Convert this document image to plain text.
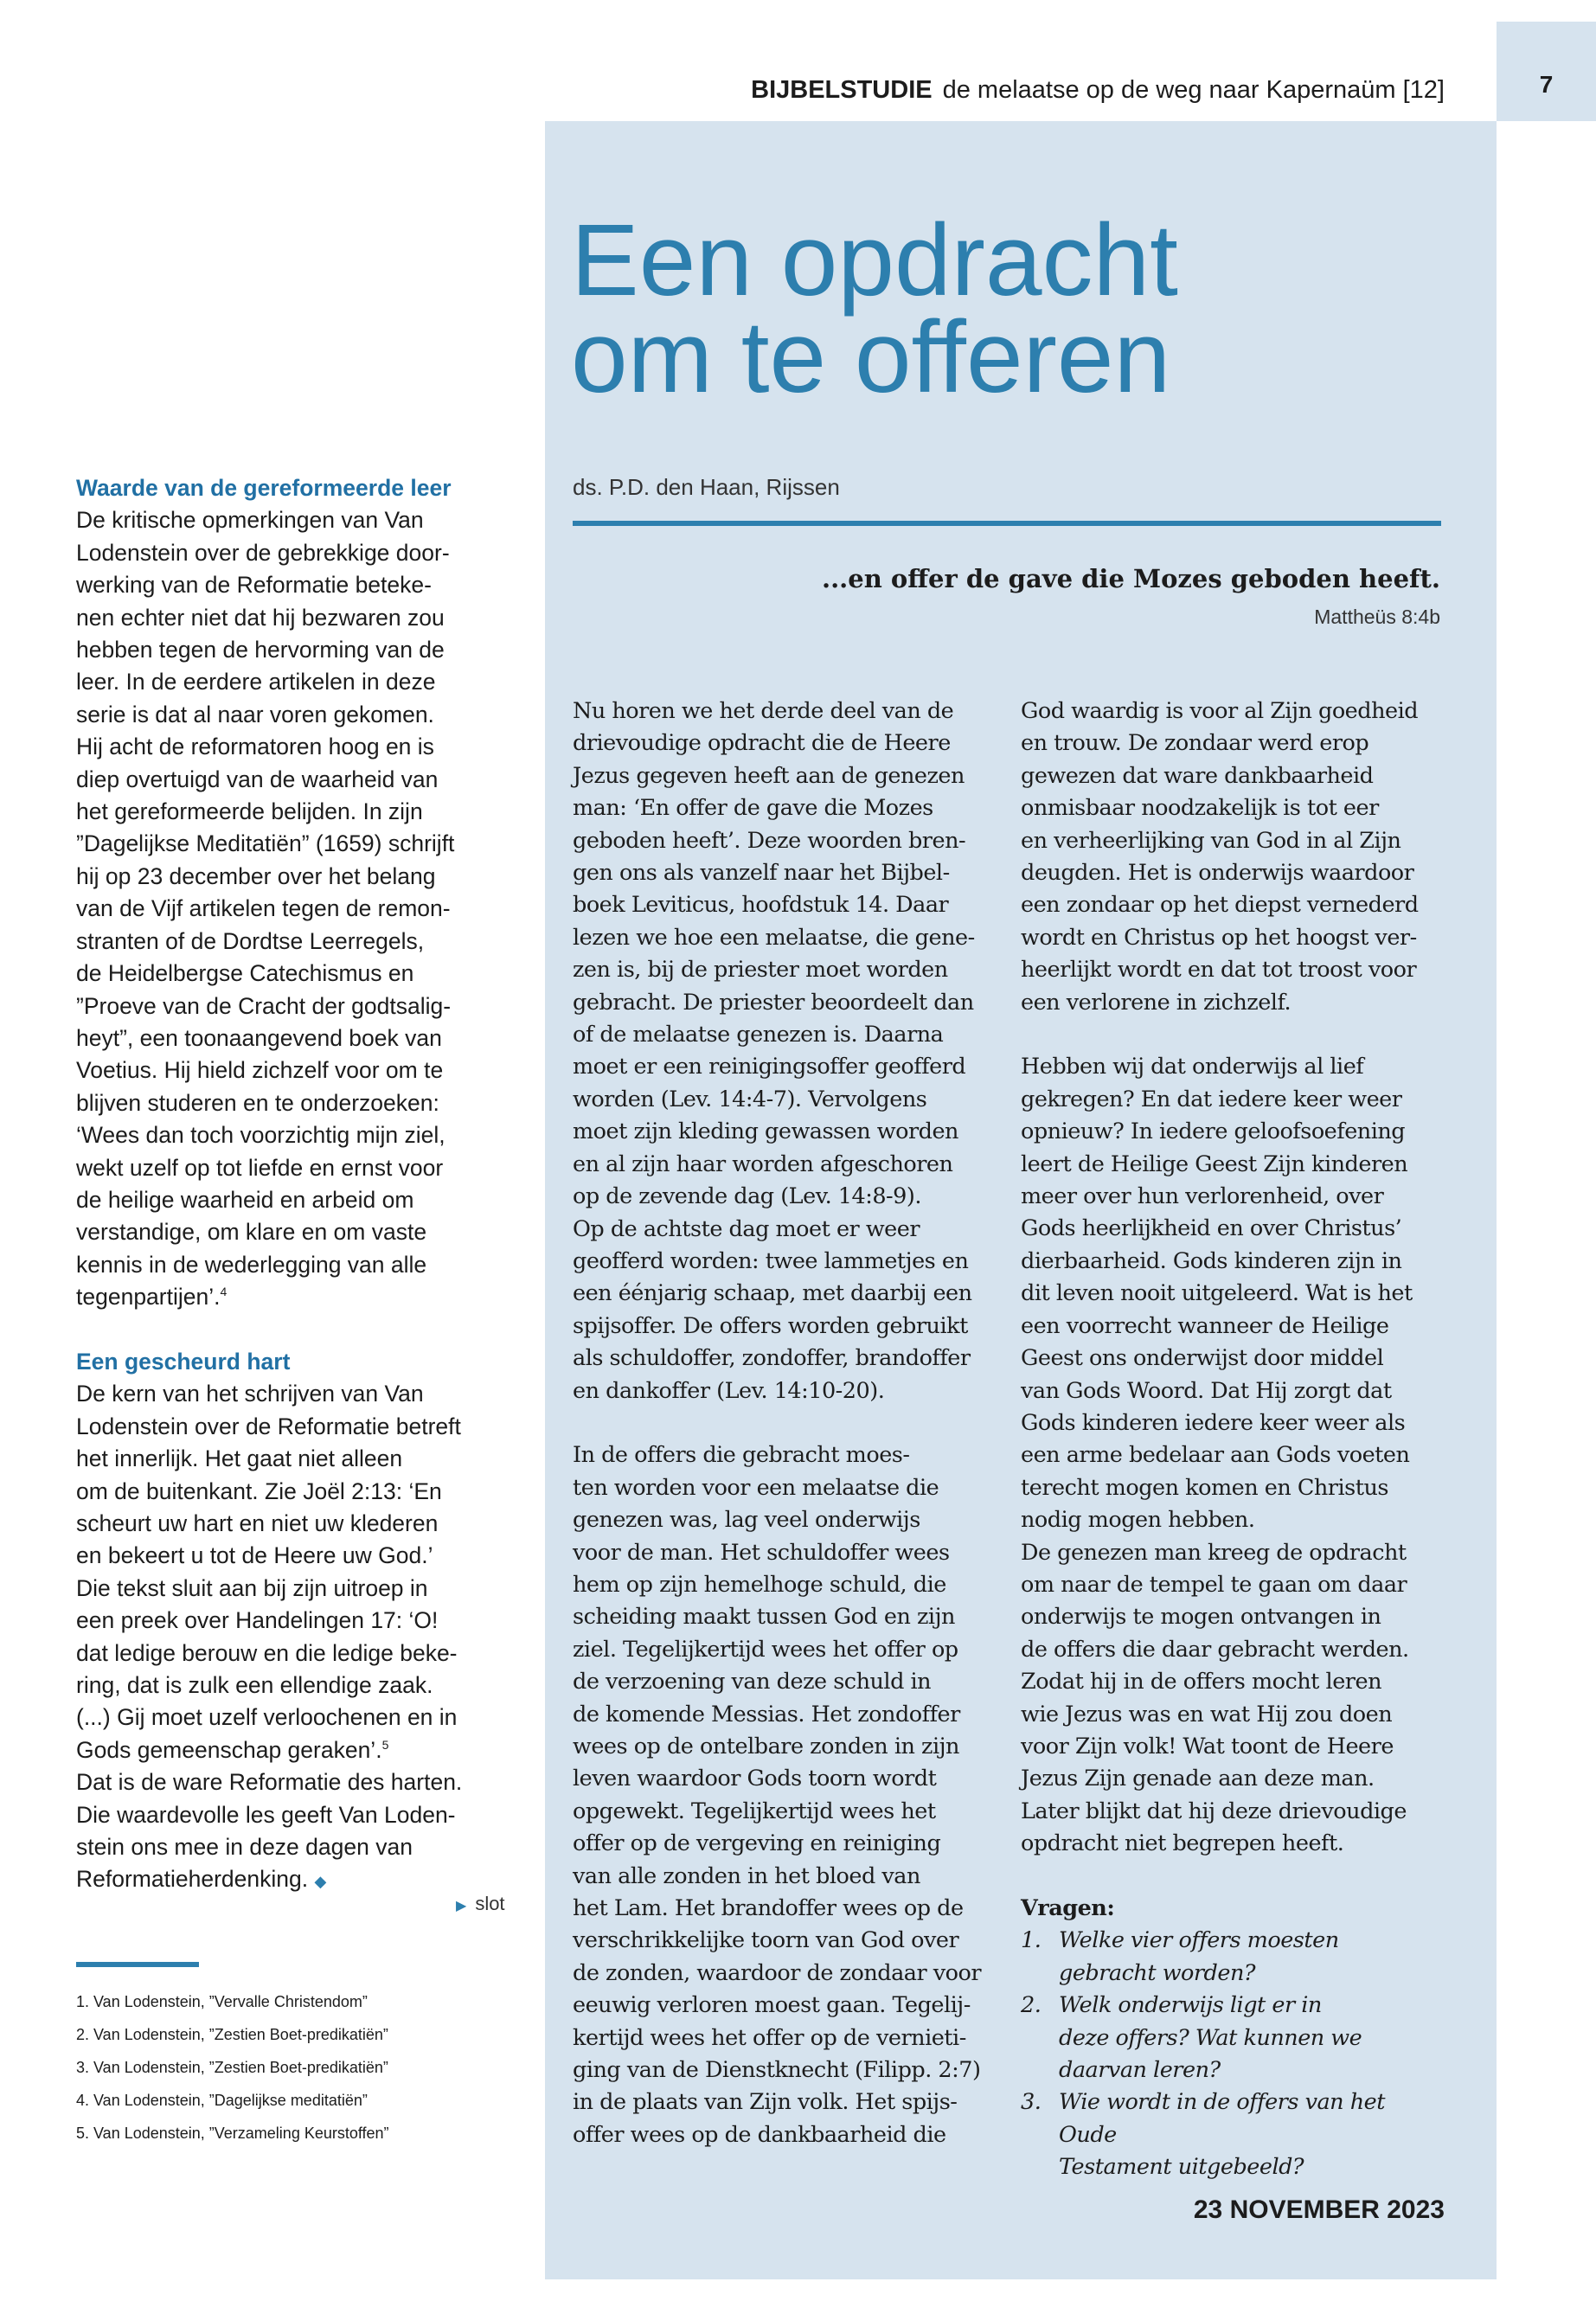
7
BIJBELSTUDIE de melaatse op de weg naar Kapernaüm [12]
Een opdracht
om te offeren
ds. P.D. den Haan, Rijssen
...en offer de gave die Mozes geboden heeft.
Mattheüs 8:4b

Waarde van de gereformeerde leer

De kritische opmerkingen van Van
Lodenstein over de gebrekkige door-
werking van de Reformatie beteke-
nen echter niet dat hij bezwaren zou
hebben tegen de hervorming van de
leer. In de eerdere artikelen in deze
serie is dat al naar voren gekomen.
Hij acht de reformatoren hoog en is
diep overtuigd van de waarheid van
het gereformeerde belijden. In zijn
”Dagelijkse Meditatiën” (1659) schrijft
hij op 23 december over het belang
van de Vijf artikelen tegen de remon-
stranten of de Dordtse Leerregels,
de Heidelbergse Catechismus en
”Proeve van de Cracht der godtsalig-
heyt”, een toonaangevend boek van
Voetius. Hij hield zichzelf voor om te
blijven studeren en te onderzoeken:
‘Wees dan toch voorzichtig mijn ziel,
wekt uzelf op tot liefde en ernst voor
de heilige waarheid en arbeid om
verstandige, om klare en om vaste
kennis in de wederlegging van alle
tegenpartijen’.$^4$

Een gescheurd hart

De kern van het schrijven van Van
Lodenstein over de Reformatie betreft
het innerlijk. Het gaat niet alleen
om de buitenkant. Zie Joël 2:13: ‘En
scheurt uw hart en niet uw klederen
en bekeert u tot de Heere uw God.’
Die tekst sluit aan bij zijn uitroep in
een preek over Handelingen 17: ‘O!
dat ledige berouw en die ledige beke-
ring, dat is zulk een ellendige zaak.
(...) Gij moet uzelf verloochenen en in
Gods gemeenschap geraken’.$^5$

Dat is de ware Reformatie des harten.
Die waardevolle les geeft Van Loden-
stein ons mee in deze dagen van
Reformatieherdenking. ◆

▶ slot
1. Van Lodenstein, ”Vervalle Christendom”
2. Van Lodenstein, ”Zestien Boet-predikatiën”
3. Van Lodenstein, ”Zestien Boet-predikatiën”
4. Van Lodenstein, ”Dagelijkse meditatiën”
5. Van Lodenstein, ”Verzameling Keurstoffen”

Nu horen we het derde deel van de
drievoudige opdracht die de Heere
Jezus gegeven heeft aan de genezen
man: ‘En offer de gave die Mozes
geboden heeft’. Deze woorden bren-
gen ons als vanzelf naar het Bijbel-
boek Leviticus, hoofdstuk 14. Daar
lezen we hoe een melaatse, die gene-
zen is, bij de priester moet worden
gebracht. De priester beoordeelt dan
of de melaatse genezen is. Daarna
moet er een reinigingsoffer geofferd
worden (Lev. 14:4-7). Vervolgens
moet zijn kleding gewassen worden
en al zijn haar worden afgeschoren
op de zevende dag (Lev. 14:8-9).
Op de achtste dag moet er weer
geofferd worden: twee lammetjes en
een éénjarig schaap, met daarbij een
spijsoffer. De offers worden gebruikt
als schuldoffer, zondoffer, brandoffer
en dankoffer (Lev. 14:10-20).

In de offers die gebracht moes-
ten worden voor een melaatse die
genezen was, lag veel onderwijs
voor de man. Het schuldoffer wees
hem op zijn hemelhoge schuld, die
scheiding maakt tussen God en zijn
ziel. Tegelijkertijd wees het offer op
de verzoening van deze schuld in
de komende Messias. Het zondoffer
wees op de ontelbare zonden in zijn
leven waardoor Gods toorn wordt
opgewekt. Tegelijkertijd wees het
offer op de vergeving en reiniging
van alle zonden in het bloed van
het Lam. Het brandoffer wees op de
verschrikkelijke toorn van God over
de zonden, waardoor de zondaar voor
eeuwig verloren moest gaan. Tegelij-
kertijd wees het offer op de vernieti-
ging van de Dienstknecht (Filipp. 2:7)
in de plaats van Zijn volk. Het spijs-
offer wees op de dankbaarheid die

God waardig is voor al Zijn goedheid
en trouw. De zondaar werd erop
gewezen dat ware dankbaarheid
onmisbaar noodzakelijk is tot eer
en verheerlijking van God in al Zijn
deugden. Het is onderwijs waardoor
een zondaar op het diepst vernederd
wordt en Christus op het hoogst ver-
heerlijkt wordt en dat tot troost voor
een verlorene in zichzelf.

Hebben wij dat onderwijs al lief
gekregen? En dat iedere keer weer
opnieuw? In iedere geloofsoefening
leert de Heilige Geest Zijn kinderen
meer over hun verlorenheid, over
Gods heerlijkheid en over Christus’
dierbaarheid. Gods kinderen zijn in
dit leven nooit uitgeleerd. Wat is het
een voorrecht wanneer de Heilige
Geest ons onderwijst door middel
van Gods Woord. Dat Hij zorgt dat
Gods kinderen iedere keer weer als
een arme bedelaar aan Gods voeten
terecht mogen komen en Christus
nodig mogen hebben.
De genezen man kreeg de opdracht
om naar de tempel te gaan om daar
onderwijs te mogen ontvangen in
de offers die daar gebracht werden.
Zodat hij in de offers mocht leren
wie Jezus was en wat Hij zou doen
voor Zijn volk! Wat toont de Heere
Jezus Zijn genade aan deze man.
Later blijkt dat hij deze drievoudige
opdracht niet begrepen heeft.

Vragen:

1. Welke vier offers moesten
gebracht worden?
2. Welk onderwijs ligt er in
deze offers? Wat kunnen we
daarvan leren?
3. Wie wordt in de offers van het Oude
Testament uitgebeeld?
23 NOVEMBER 2023
